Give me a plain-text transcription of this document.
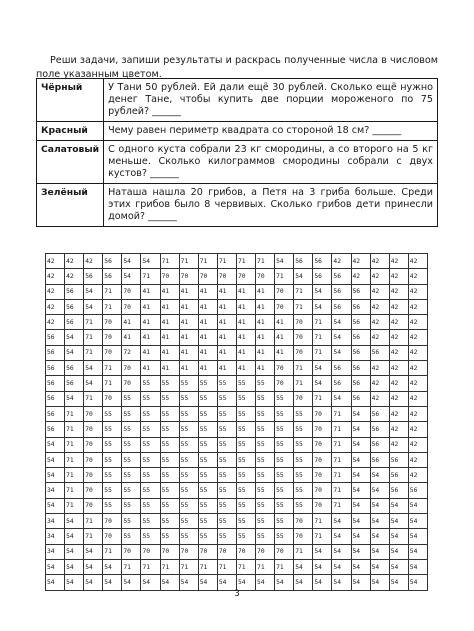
Реши задачи, запиши результаты и раскрась полученные числа в числовом поле указанным цветом.

Чёрный	У Тани 50 рублей. Ей дали ещё 30 рублей. Сколько ещё нужно денег Тане, чтобы купить две порции мороженого по 75 рублей? ______
Красный	Чему равен периметр квадрата со стороной 18 см? ______
Салатовый	С одного куста собрали 23 кг смородины, а со второго на 5 кг меньше. Сколько килограммов смородины собрали с двух кустов? ______
Зелёный	Наташа нашла 20 грибов, а Петя на 3 гриба больше. Среди этих грибов было 8 червивых. Сколько грибов дети принесли домой? ______
42	42	42	56	54	54	71	71	71	71	71	71	54	56	56	42	42	42	42	42
42	42	56	56	54	71	70	70	70	70	70	70	71	54	56	56	42	42	42	42
42	56	54	71	70	41	41	41	41	41	41	41	70	71	54	56	56	42	42	42
42	56	54	71	70	41	41	41	41	41	41	41	70	71	54	56	56	42	42	42
42	56	71	70	41	41	41	41	41	41	41	41	41	70	71	54	56	42	42	42
56	54	71	70	41	41	41	41	41	41	41	41	41	70	71	54	56	42	42	42
56	54	71	70	72	41	41	41	41	41	41	41	41	70	71	54	56	56	42	42
56	56	54	71	70	41	41	41	41	41	41	41	70	71	54	56	56	42	42	42
56	56	54	71	70	55	55	55	55	55	55	55	70	71	54	56	56	42	42	42
56	54	71	70	55	55	55	55	55	55	55	55	55	70	71	54	56	42	42	42
56	71	70	55	55	55	55	55	55	55	55	55	55	55	70	71	54	56	42	42
56	71	70	55	55	55	55	55	55	55	55	55	55	55	70	71	54	56	42	42
54	71	70	55	55	55	55	55	55	55	55	55	55	55	70	71	54	56	42	42
54	71	70	55	55	55	55	55	55	55	55	55	55	55	70	71	54	56	56	42
54	71	70	55	55	55	55	55	55	55	55	55	55	55	70	71	54	54	56	42
34	71	70	55	55	55	55	55	55	55	55	55	55	55	70	71	54	54	56	56
54	71	70	55	55	55	55	55	55	55	55	55	55	55	70	71	54	54	54	54
34	54	71	70	55	55	55	55	55	55	55	55	55	70	71	54	54	54	54	54
34	54	71	70	55	55	55	55	55	55	55	55	55	70	71	54	54	54	54	54
34	54	54	71	70	70	70	70	70	70	70	70	70	71	54	54	54	54	54	54
54	54	54	54	71	71	71	71	71	71	71	71	71	54	54	54	54	54	54	54
54	54	54	54	54	54	54	54	54	54	54	54	54	54	54	54	54	54	54	54
3
